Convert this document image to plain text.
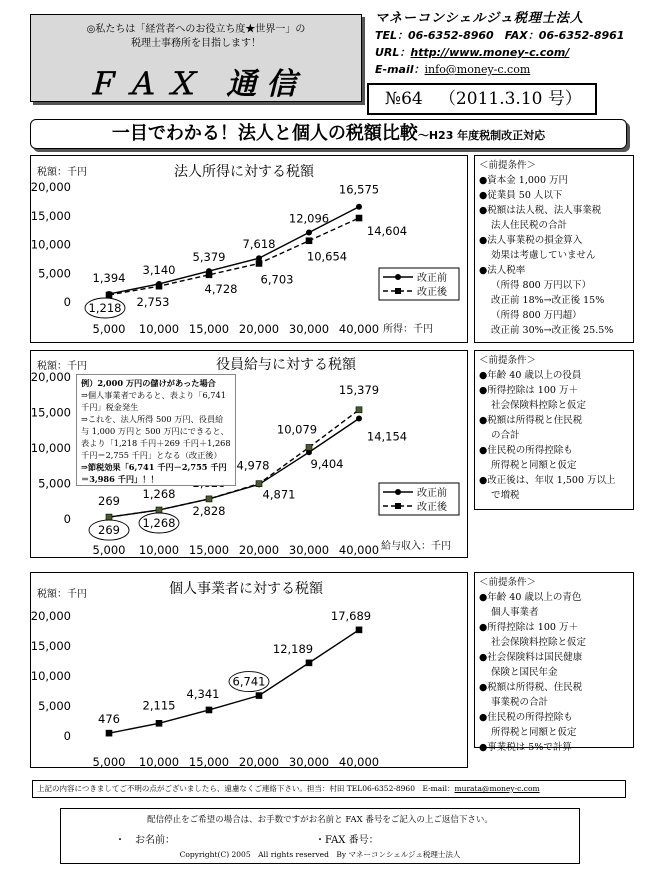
◎私たちは「経営者へのお役立ち度★世界一」の
税理士事務所を目指します！
ＦＡＸ 通信
マネーコンシェルジュ税理士法人
TEL：06-6352-8960　FAX：06-6352-8961
URL：http://www.money-c.com/
E-mail：info@money-c.com
№64 （2011.3.10 号）
一目でわかる！法人と個人の税額比較～H23 年度税制改正対応
法人所得に対する税額
税額：千円
所得：千円
20,000
15,000
10,000
5,000
0
5,000 10,000 15,000 20,000 30,000 40,000
1,394
3,140
5,379
7,618
12,096
16,575
1,218 2,753
4,728
6,703
10,654
14,604
改正前
改正後
役員給与に対する税額
税額：千円
給与収入：千円
20,000
15,000
10,000
5,000
0
5,000 10,000 15,000 20,000 30,000 40,000
269
1,268	4,871
9,404
14,154
269
1,268
2,828
4,978
10,079
15,379
改正前
改正後
個人事業者に対する税額
税額：千円
20,000
15,000
10,000
5,000
0
5,000 10,000 15,000 20,000 30,000 40,000
476
2,115
4,341
6,741
12,189
17,689
＜前提条件＞
●資本金 1,000 万円
●従業員 50 人以下
●税額は法人税、法人事業税
法人住民税の合計
●法人事業税の損金算入
効果は考慮していません
●法人税率
（所得 800 万円以下）
改正前 18%→改正後 15%
（所得 800 万円超）
改正前 30%→改正後 25.5%
＜前提条件＞
●年齢 40 歳以上の役員
●所得控除は 100 万＋
社会保険料控除と仮定
●税額は所得税と住民税
の合計
●住民税の所得控除も
所得税と同額と仮定
●改正後は、年収 1,500 万以上
で増税
＜前提条件＞
●年齢 40 歳以上の青色
個人事業者
●所得控除は 100 万＋
社会保険料控除と仮定
●社会保険料は国民健康
保険と国民年金
●税額は所得税、住民税
事業税の合計
●住民税の所得控除も
所得税と同額と仮定
●事業税は 5%で計算
例）2,000 万円の儲けがあった場合
⇒個人事業者であると、表より「6,741
千円」税金発生
⇒これを、法人所得 500 万円、役員給
与 1,000 万円と 500 万円にできると、
表より「1,218 千円＋269 千円＋1,268
千円＝2,755 千円」となる（改正後）
⇒節税効果「6,741 千円－2,755 千円
＝3,986 千円」！！
上記の内容につきましてご不明の点がございましたら、遠慮なくご連絡下さい。担当：村田 TEL06-6352-8960　E-mail：murata@money-c.com
配信停止をご希望の場合は、お手数ですがお名前と FAX 番号をご記入の上ご返信下さい。
・　お名前：	・FAX 番号：
Copyright(C) 2005　All rights reserved　By マネーコンシェルジュ税理士法人
